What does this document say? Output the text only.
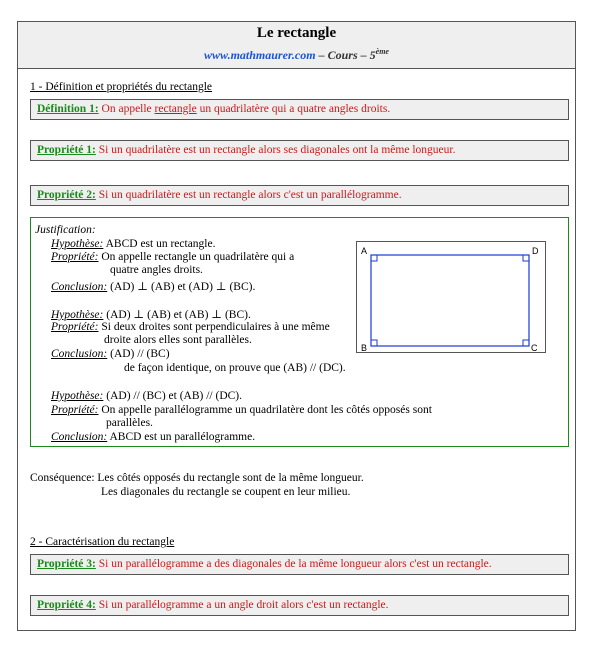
Le rectangle
www.mathmaurer.com – Cours – 5ème
1 - Définition et propriétés du rectangle
Définition 1: On appelle rectangle un quadrilatère qui a quatre angles droits.
Propriété 1: Si un quadrilatère est un rectangle alors ses diagonales ont la même longueur.
Propriété 2: Si un quadrilatère est un rectangle alors c'est un parallélogramme.
Justification:
Hypothèse: ABCD est un rectangle.
Propriété: On appelle rectangle un quadrilatère qui a
quatre angles droits.
Conclusion: (AD) ⊥ (AB) et (AD) ⊥ (BC).
Hypothèse: (AD) ⊥ (AB) et (AB) ⊥ (BC).
Propriété: Si deux droites sont perpendiculaires à une même
droite alors elles sont parallèles.
Conclusion: (AD) // (BC)
de façon identique, on prouve que (AB) // (DC).
Hypothèse: (AD) // (BC) et (AB) // (DC).
Propriété: On appelle parallélogramme un quadrilatère dont les côtés opposés sont
parallèles.
Conclusion: ABCD est un parallélogramme.
A	D
B	C
Conséquence: Les côtés opposés du rectangle sont de la même longueur.
Les diagonales du rectangle se coupent en leur milieu.
2 - Caractérisation du rectangle
Propriété 3: Si un parallélogramme a des diagonales de la même longueur alors c'est un rectangle.
Propriété 4: Si un parallélogramme a un angle droit alors c'est un rectangle.
